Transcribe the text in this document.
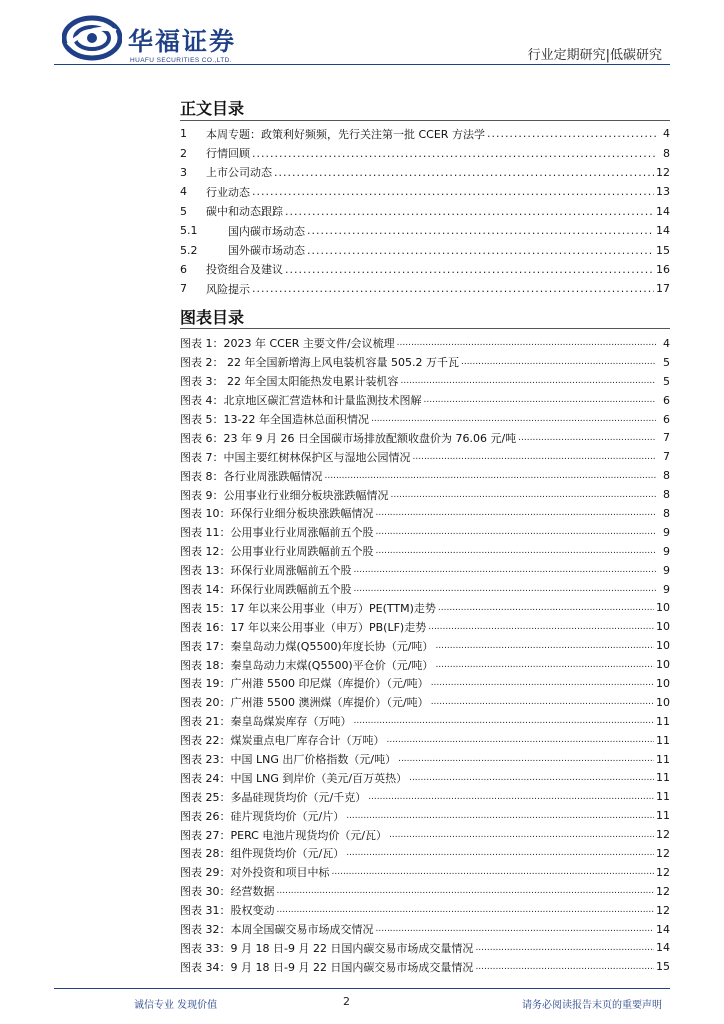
华福证券
HUAFU SECURITIES CO.,LTD.	行业定期研究|低碳研究
正文目录
1	本周专题：政策利好频频，先行关注第一批 CCER 方法学 .....	4
2	行情回顾 .....	8
3	上市公司动态 .....	12
4	行业动态 .....	13
5	碳中和动态跟踪 .....	14
5.1	国内碳市场动态 .....	14
5.2	国外碳市场动态 .....	15
6	投资组合及建议 .....	16
7	风险提示 .....	17
图表目录
图表 1：2023 年 CCER 主要文件/会议梳理 .....	4
图表 2： 22 年全国新增海上风电装机容量 505.2 万千瓦 .....	5
图表 3： 22 年全国太阳能热发电累计装机容 .....	5
图表 4：北京地区碳汇营造林和计量监测技术图解 .....	6
图表 5：13-22 年全国造林总面积情况 .....	6
图表 6：23 年 9 月 26 日全国碳市场排放配额收盘价为 76.06 元/吨 .....	7
图表 7：中国主要红树林保护区与湿地公园情况 .....	7
图表 8：各行业周涨跌幅情况 .....	8
图表 9：公用事业行业细分板块涨跌幅情况 .....	8
图表 10：环保行业细分板块涨跌幅情况 .....	8
图表 11：公用事业行业周涨幅前五个股 .....	9
图表 12：公用事业行业周跌幅前五个股 .....	9
图表 13：环保行业周涨幅前五个股 .....	9
图表 14：环保行业周跌幅前五个股 .....	9
图表 15：17 年以来公用事业（申万）PE(TTM)走势 .....	10
图表 16：17 年以来公用事业（申万）PB(LF)走势 .....	10
图表 17：秦皇岛动力煤(Q5500)年度长协（元/吨） .....	10
图表 18：秦皇岛动力末煤(Q5500)平仓价（元/吨） .....	10
图表 19：广州港 5500 印尼煤（库提价）（元/吨） .....	10
图表 20：广州港 5500 澳洲煤（库提价）（元/吨） .....	10
图表 21：秦皇岛煤炭库存（万吨） .....	11
图表 22：煤炭重点电厂库存合计（万吨） .....	11
图表 23：中国 LNG 出厂价格指数（元/吨） .....	11
图表 24：中国 LNG 到岸价（美元/百万英热） .....	11
图表 25：多晶硅现货均价（元/千克） .....	11
图表 26：硅片现货均价（元/片） .....	11
图表 27：PERC 电池片现货均价（元/瓦） .....	12
图表 28：组件现货均价（元/瓦） .....	12
图表 29：对外投资和项目中标 .....	12
图表 30：经营数据 .....	12
图表 31：股权变动 .....	12
图表 32：本周全国碳交易市场成交情况 .....	14
图表 33：9 月 18 日-9 月 22 日国内碳交易市场成交量情况 .....	14
图表 34：9 月 18 日-9 月 22 日国内碳交易市场成交量情况 .....	15
诚信专业 发现价值	2	请务必阅读报告末页的重要声明
